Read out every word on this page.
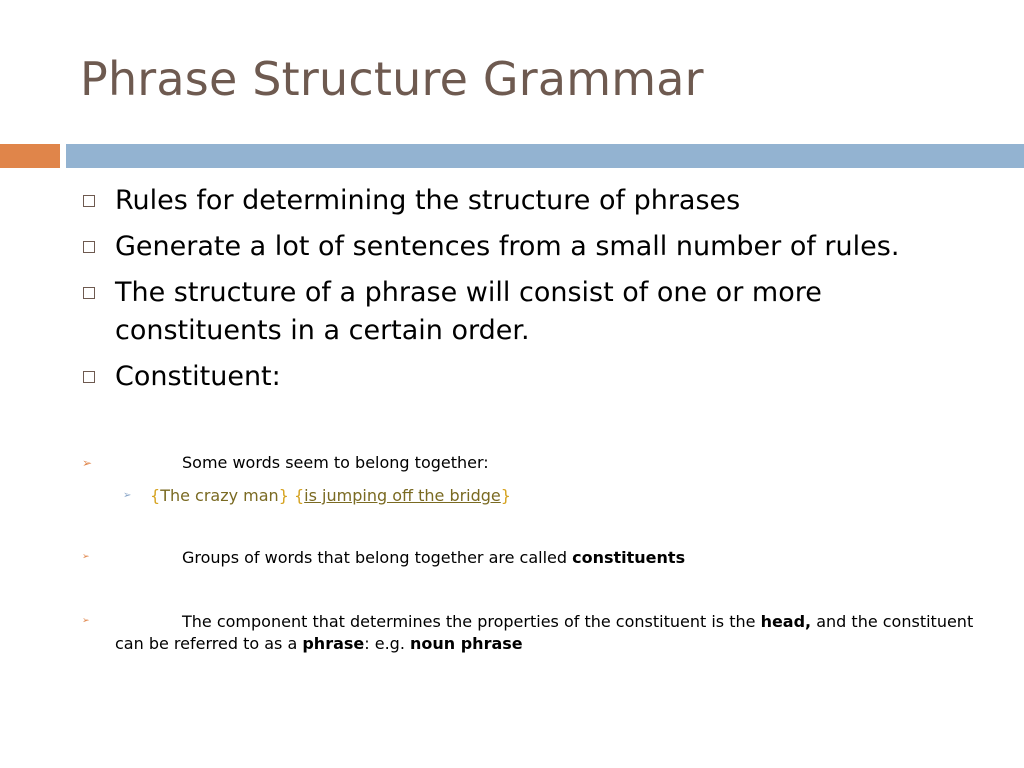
Phrase Structure Grammar
Rules for determining the structure of phrases
Generate a lot of sentences from a small number of rules.
The structure of a phrase will consist of one or more constituents in a certain order.
Constituent:
➢	Some words seem to belong together:
➢ {The crazy man} {is jumping off the bridge}
➢	Groups of words that belong together are called constituents
➢	The component that determines the properties of the constituent is the head, and the constituent can be referred to as a phrase: e.g. noun phrase
